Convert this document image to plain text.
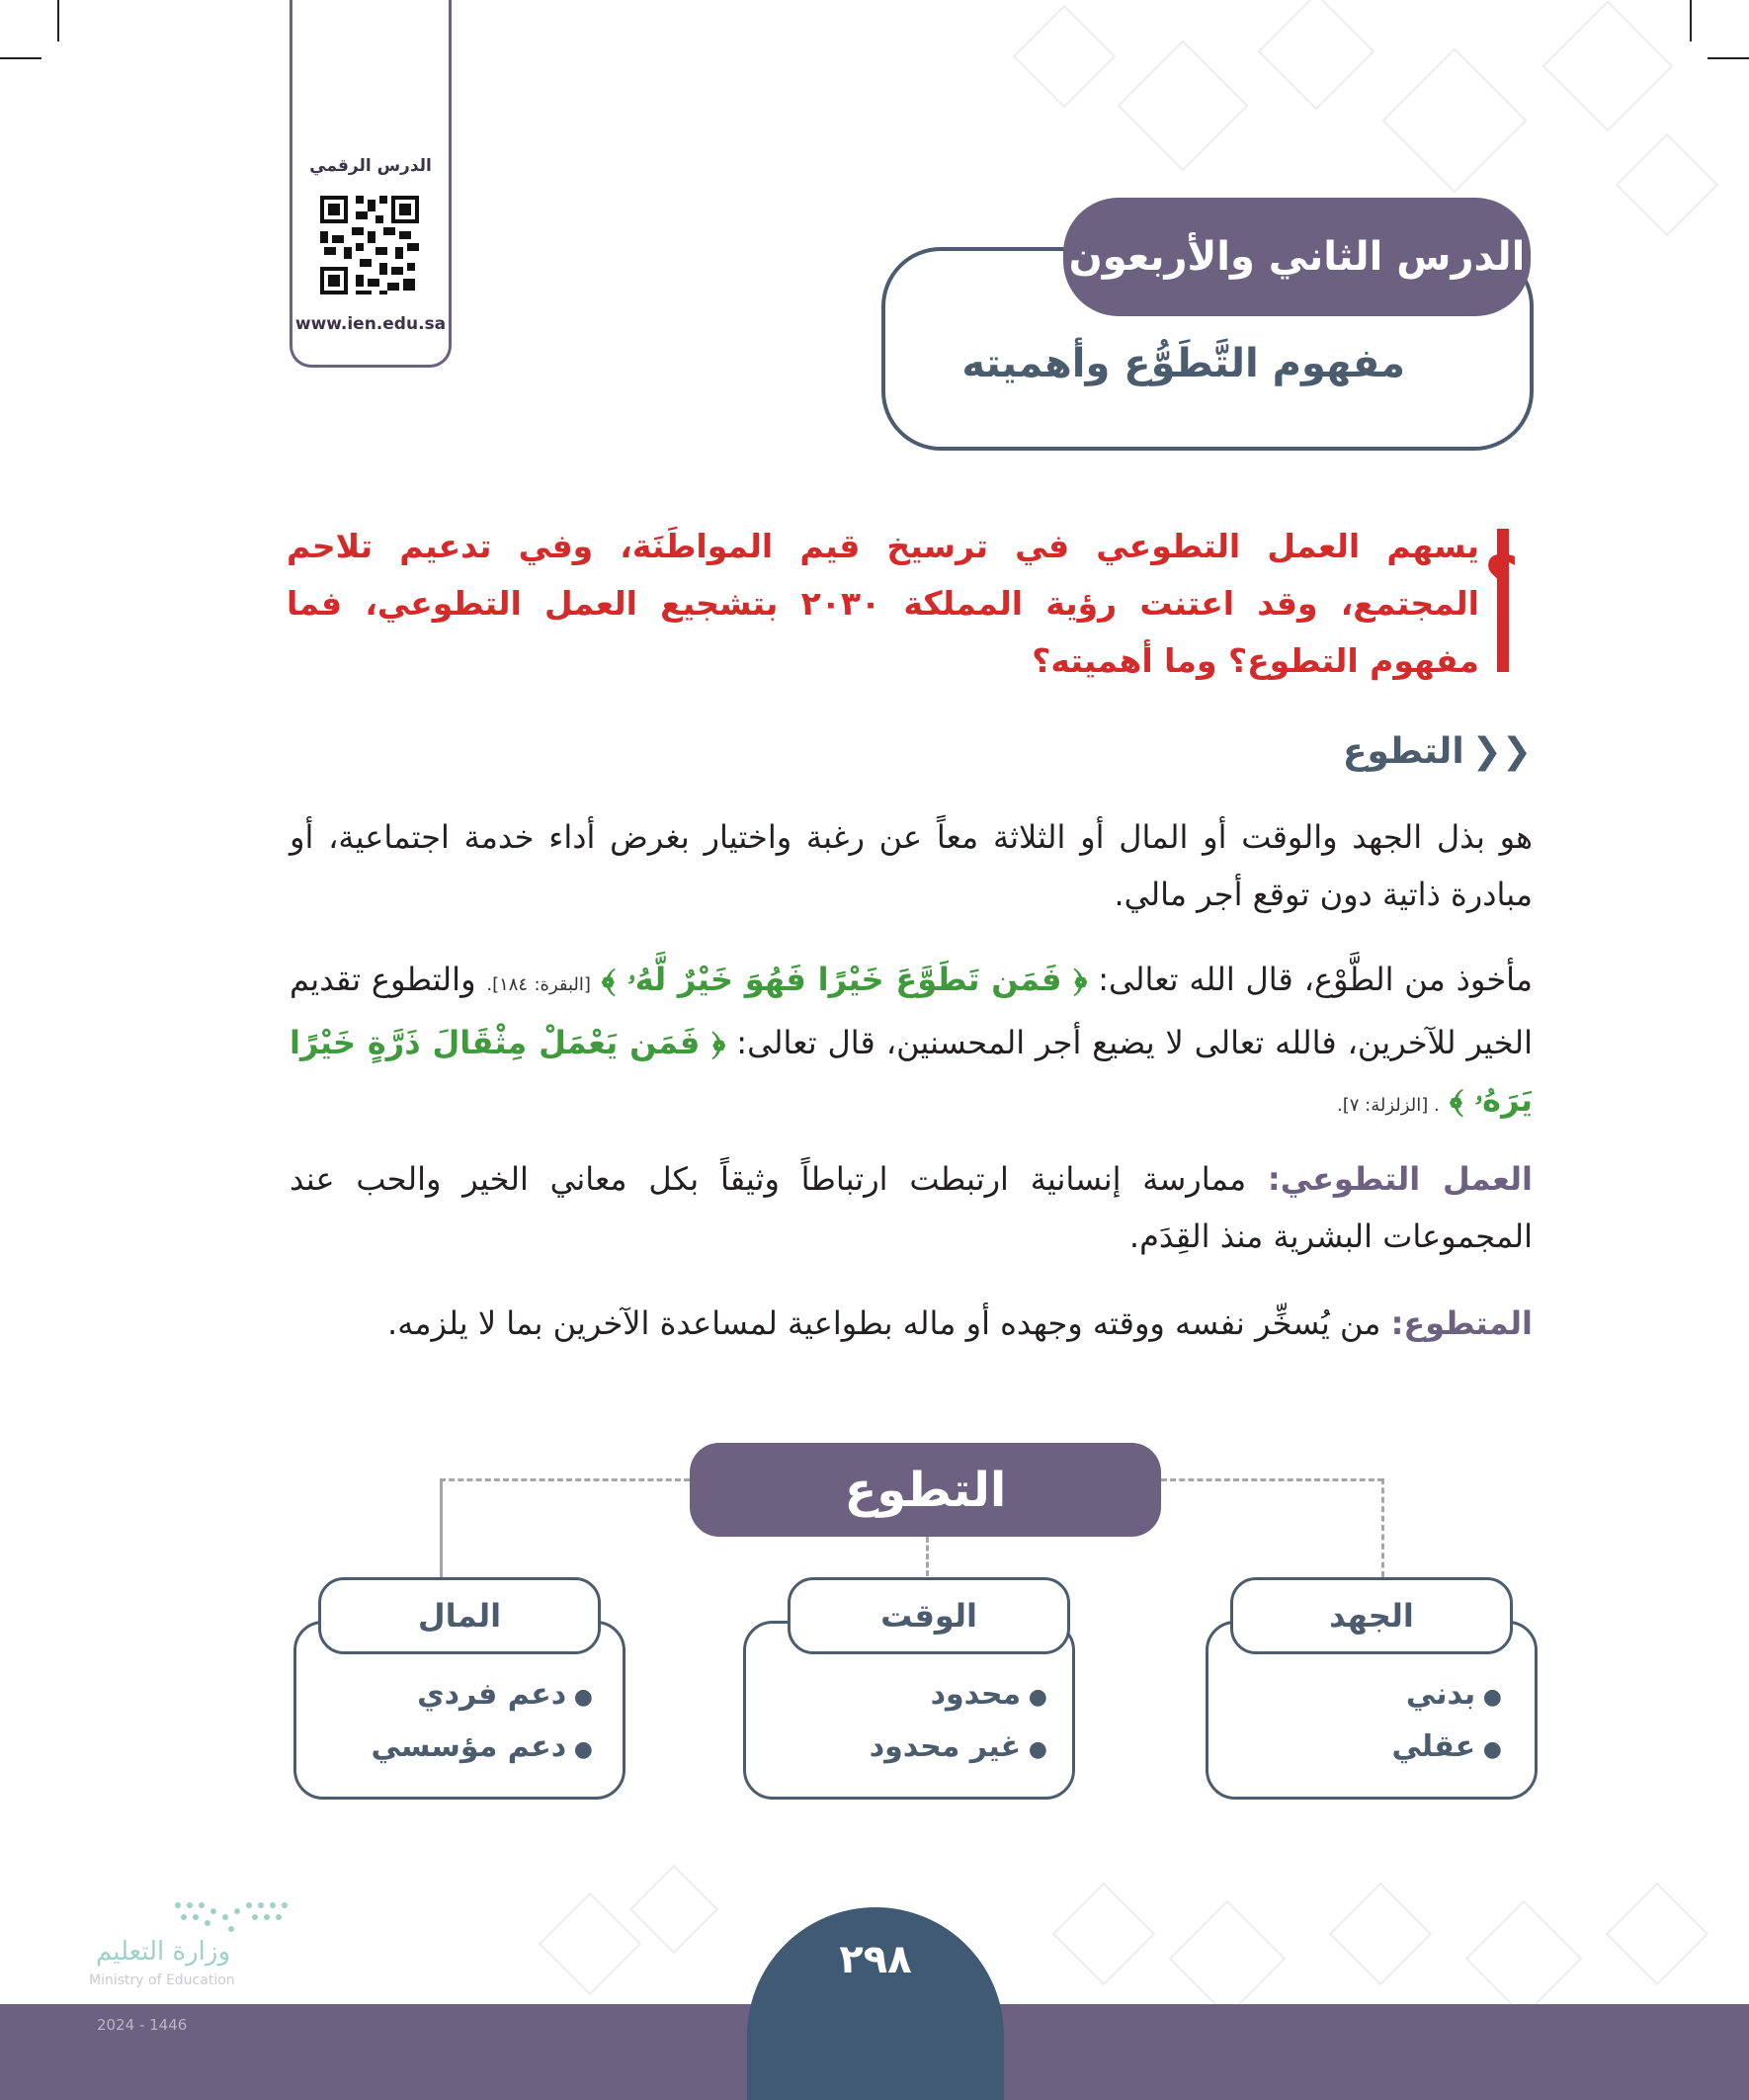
الدرس الرقمي
www.ien.edu.sa
الدرس الثاني والأربعون
مفهوم التَّطَوُّع وأهميته
؟
يسهم العمل التطوعي في ترسيخ قيم المواطَنَة، وفي تدعيم تلاحم المجتمع، وقد اعتنت رؤية المملكة ٢٠٣٠ بتشجيع العمل التطوعي، فما مفهوم التطوع؟ وما أهميته؟
❮❮التطوع
هو بذل الجهد والوقت أو المال أو الثلاثة معاً عن رغبة واختيار بغرض أداء خدمة اجتماعية، أو مبادرة ذاتية دون توقع أجر مالي.
مأخوذ من الطَّوْع، قال الله تعالى: ﴿ فَمَن تَطَوَّعَ خَيْرًا فَهُوَ خَيْرٌ لَّهُۥ ﴾ [البقرة: ١٨٤]. والتطوع تقديم الخير للآخرين، فالله تعالى لا يضيع أجر المحسنين، قال تعالى: ﴿ فَمَن يَعْمَلْ مِثْقَالَ ذَرَّةٍ خَيْرًا يَرَهُۥ ﴾ . [الزلزلة: ٧].
العمل التطوعي: ممارسة إنسانية ارتبطت ارتباطاً وثيقاً بكل معاني الخير والحب عند المجموعات البشرية منذ القِدَم.
المتطوع: من يُسخِّر نفسه ووقته وجهده أو ماله بطواعية لمساعدة الآخرين بما لا يلزمه.
التطوع
الجهد
● بدني
● عقلي
الوقت
● محدود
● غير محدود
المال
● دعم فردي
● دعم مؤسسي
٢٩٨
وزارة التعليم
Ministry of Education
2024 - 1446
